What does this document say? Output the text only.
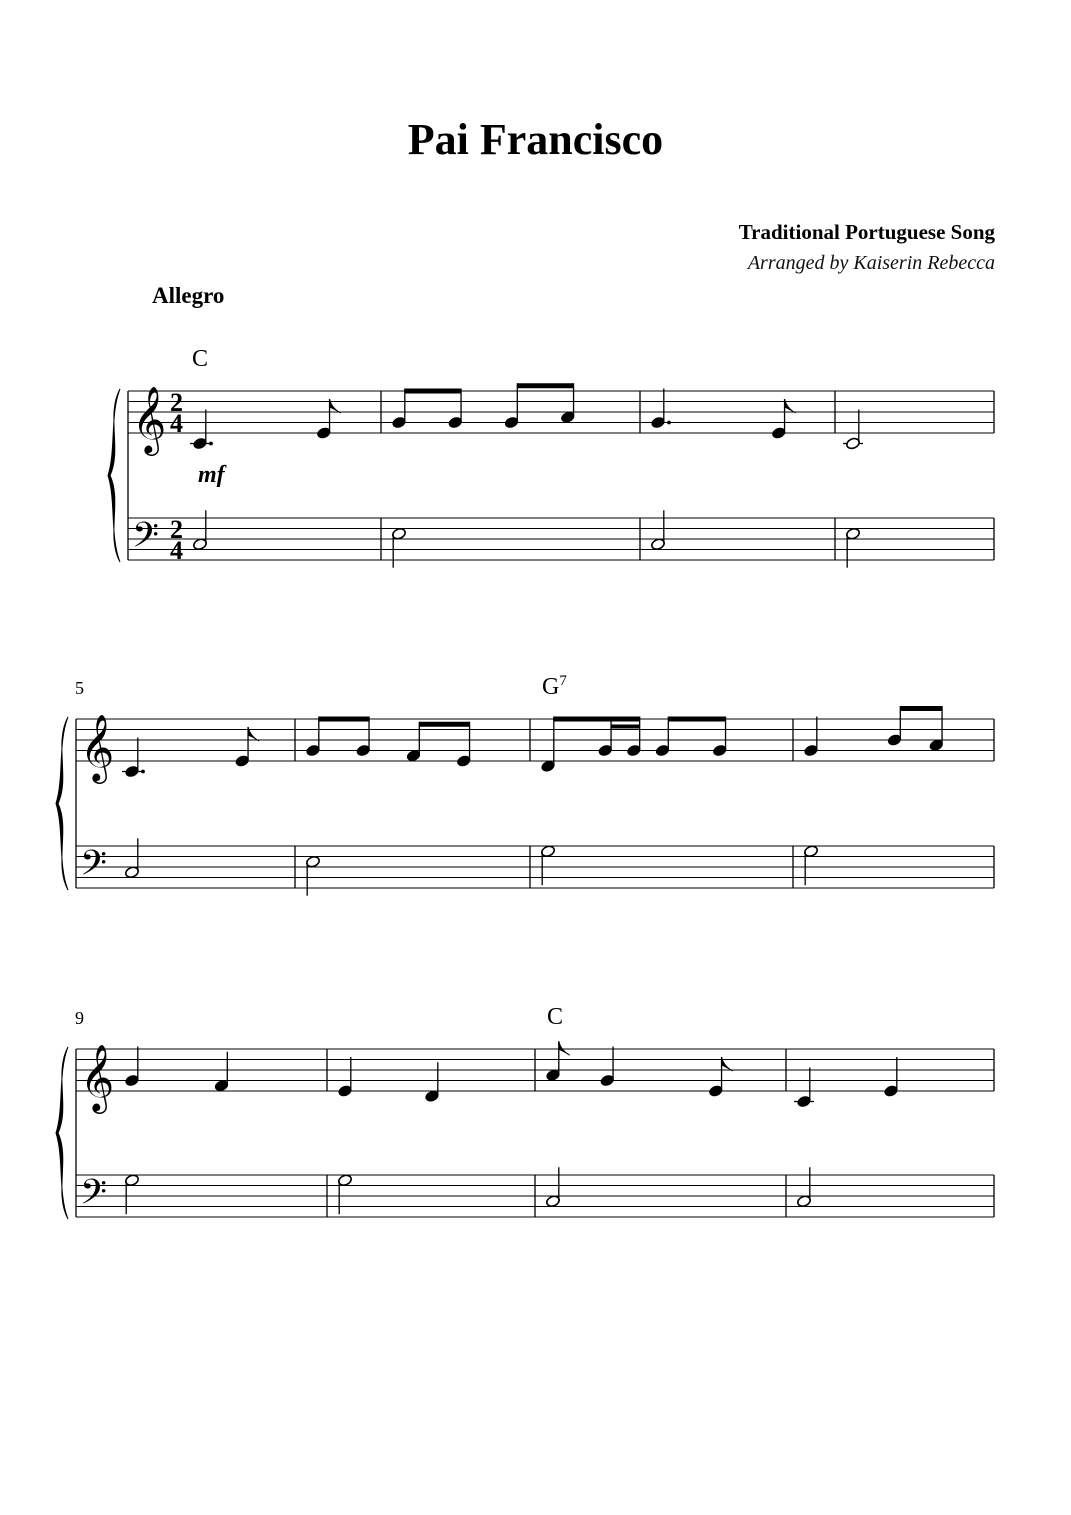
Pai Francisco
Traditional Portuguese Song
Arranged by Kaiserin Rebecca
Allegro
𝄞
𝄢
2
4
2
4
mf
C
𝄞
𝄢
5	$G^7$
𝄞
𝄢
9	C
